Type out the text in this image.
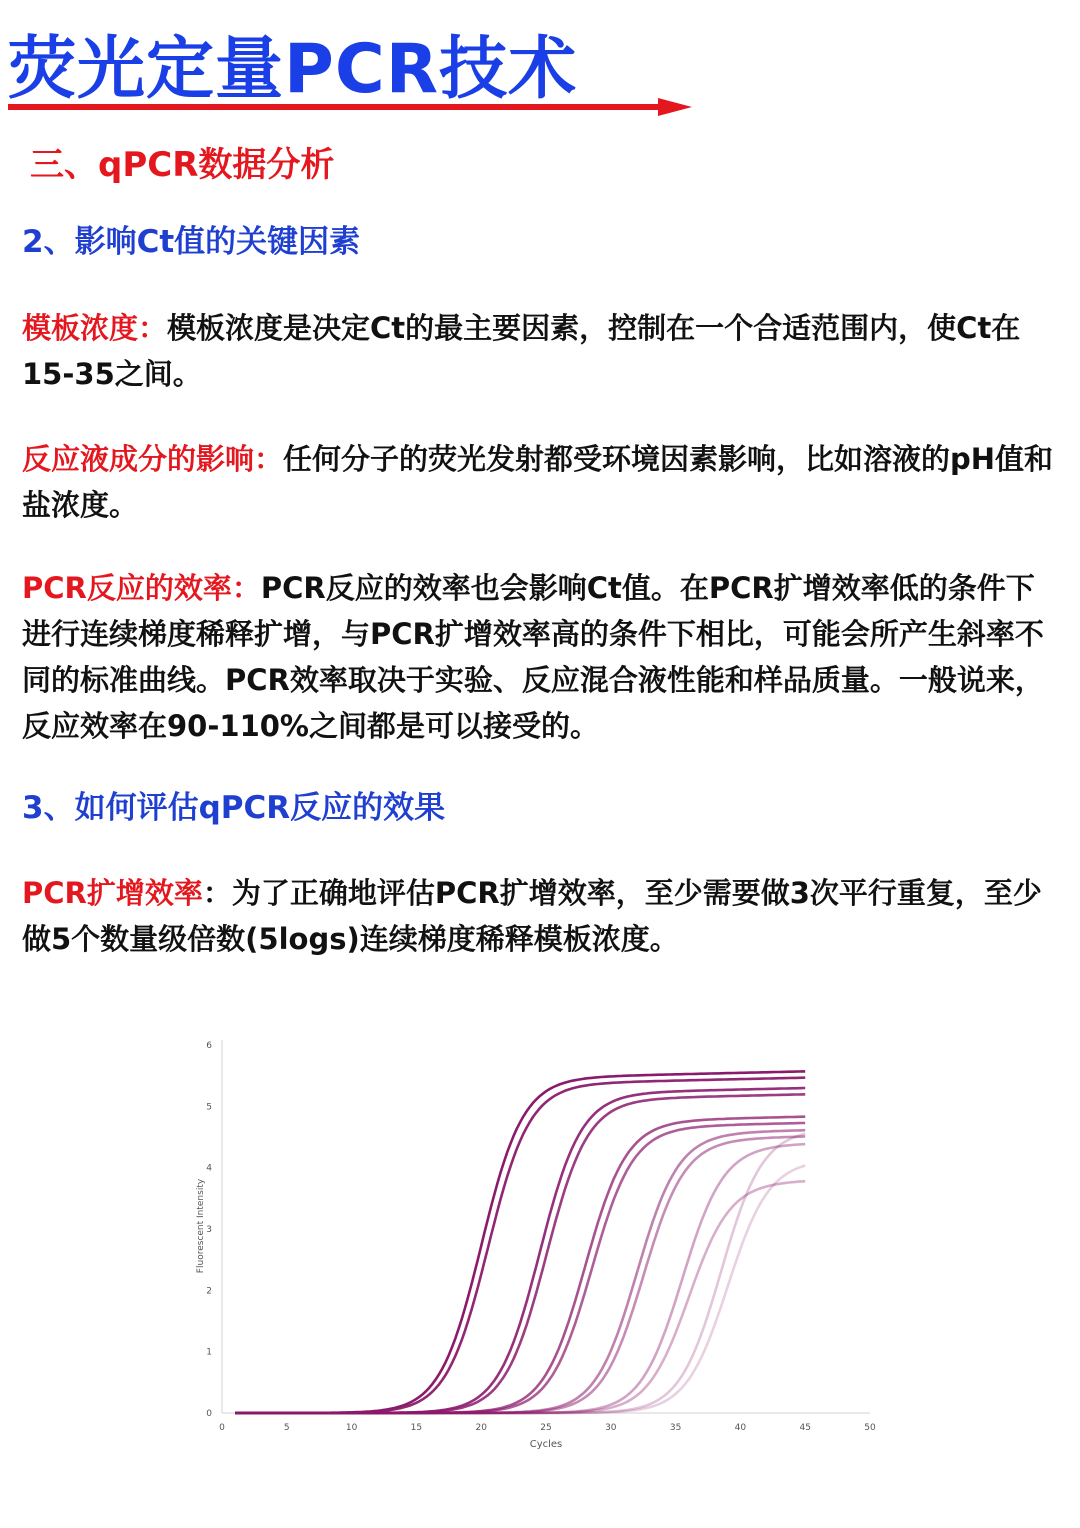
荧光定量PCR技术
三、qPCR数据分析
2、影响Ct值的关键因素
模板浓度：模板浓度是决定Ct的最主要因素，控制在一个合适范围内，使Ct在15-35之间。
反应液成分的影响：任何分子的荧光发射都受环境因素影响，比如溶液的pH值和盐浓度。
PCR反应的效率：PCR反应的效率也会影响Ct值。在PCR扩增效率低的条件下进行连续梯度稀释扩增，与PCR扩增效率高的条件下相比，可能会所产生斜率不同的标准曲线。PCR效率取决于实验、反应混合液性能和样品质量。一般说来，反应效率在90-110%之间都是可以接受的。
3、如何评估qPCR反应的效果
PCR扩增效率：为了正确地评估PCR扩增效率，至少需要做3次平行重复，至少做5个数量级倍数(5logs)连续梯度稀释模板浓度。
0
1
2
3
4
5
6
0	5	10	15	20	25	30	35	40	45	50
Cycles
Fluorescent Intensity
